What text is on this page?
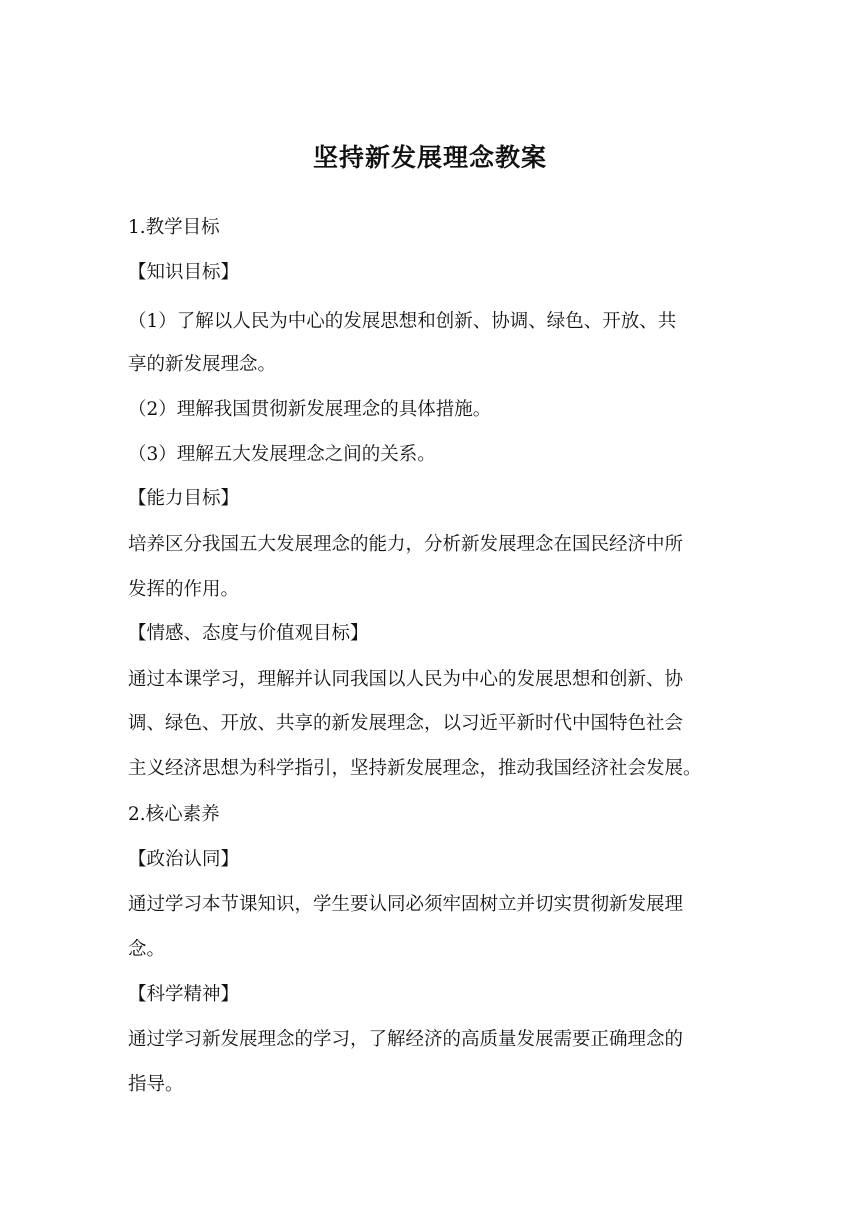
坚持新发展理念教案
1.教学目标
【知识目标】
（1）了解以人民为中心的发展思想和创新、协调、绿色、开放、共
享的新发展理念。
（2）理解我国贯彻新发展理念的具体措施。
（3）理解五大发展理念之间的关系。
【能力目标】
培养区分我国五大发展理念的能力，分析新发展理念在国民经济中所
发挥的作用。
【情感、态度与价值观目标】
通过本课学习，理解并认同我国以人民为中心的发展思想和创新、协
调、绿色、开放、共享的新发展理念，以习近平新时代中国特色社会
主义经济思想为科学指引，坚持新发展理念，推动我国经济社会发展。
2.核心素养
【政治认同】
通过学习本节课知识，学生要认同必须牢固树立并切实贯彻新发展理
念。
【科学精神】
通过学习新发展理念的学习，了解经济的高质量发展需要正确理念的
指导。
